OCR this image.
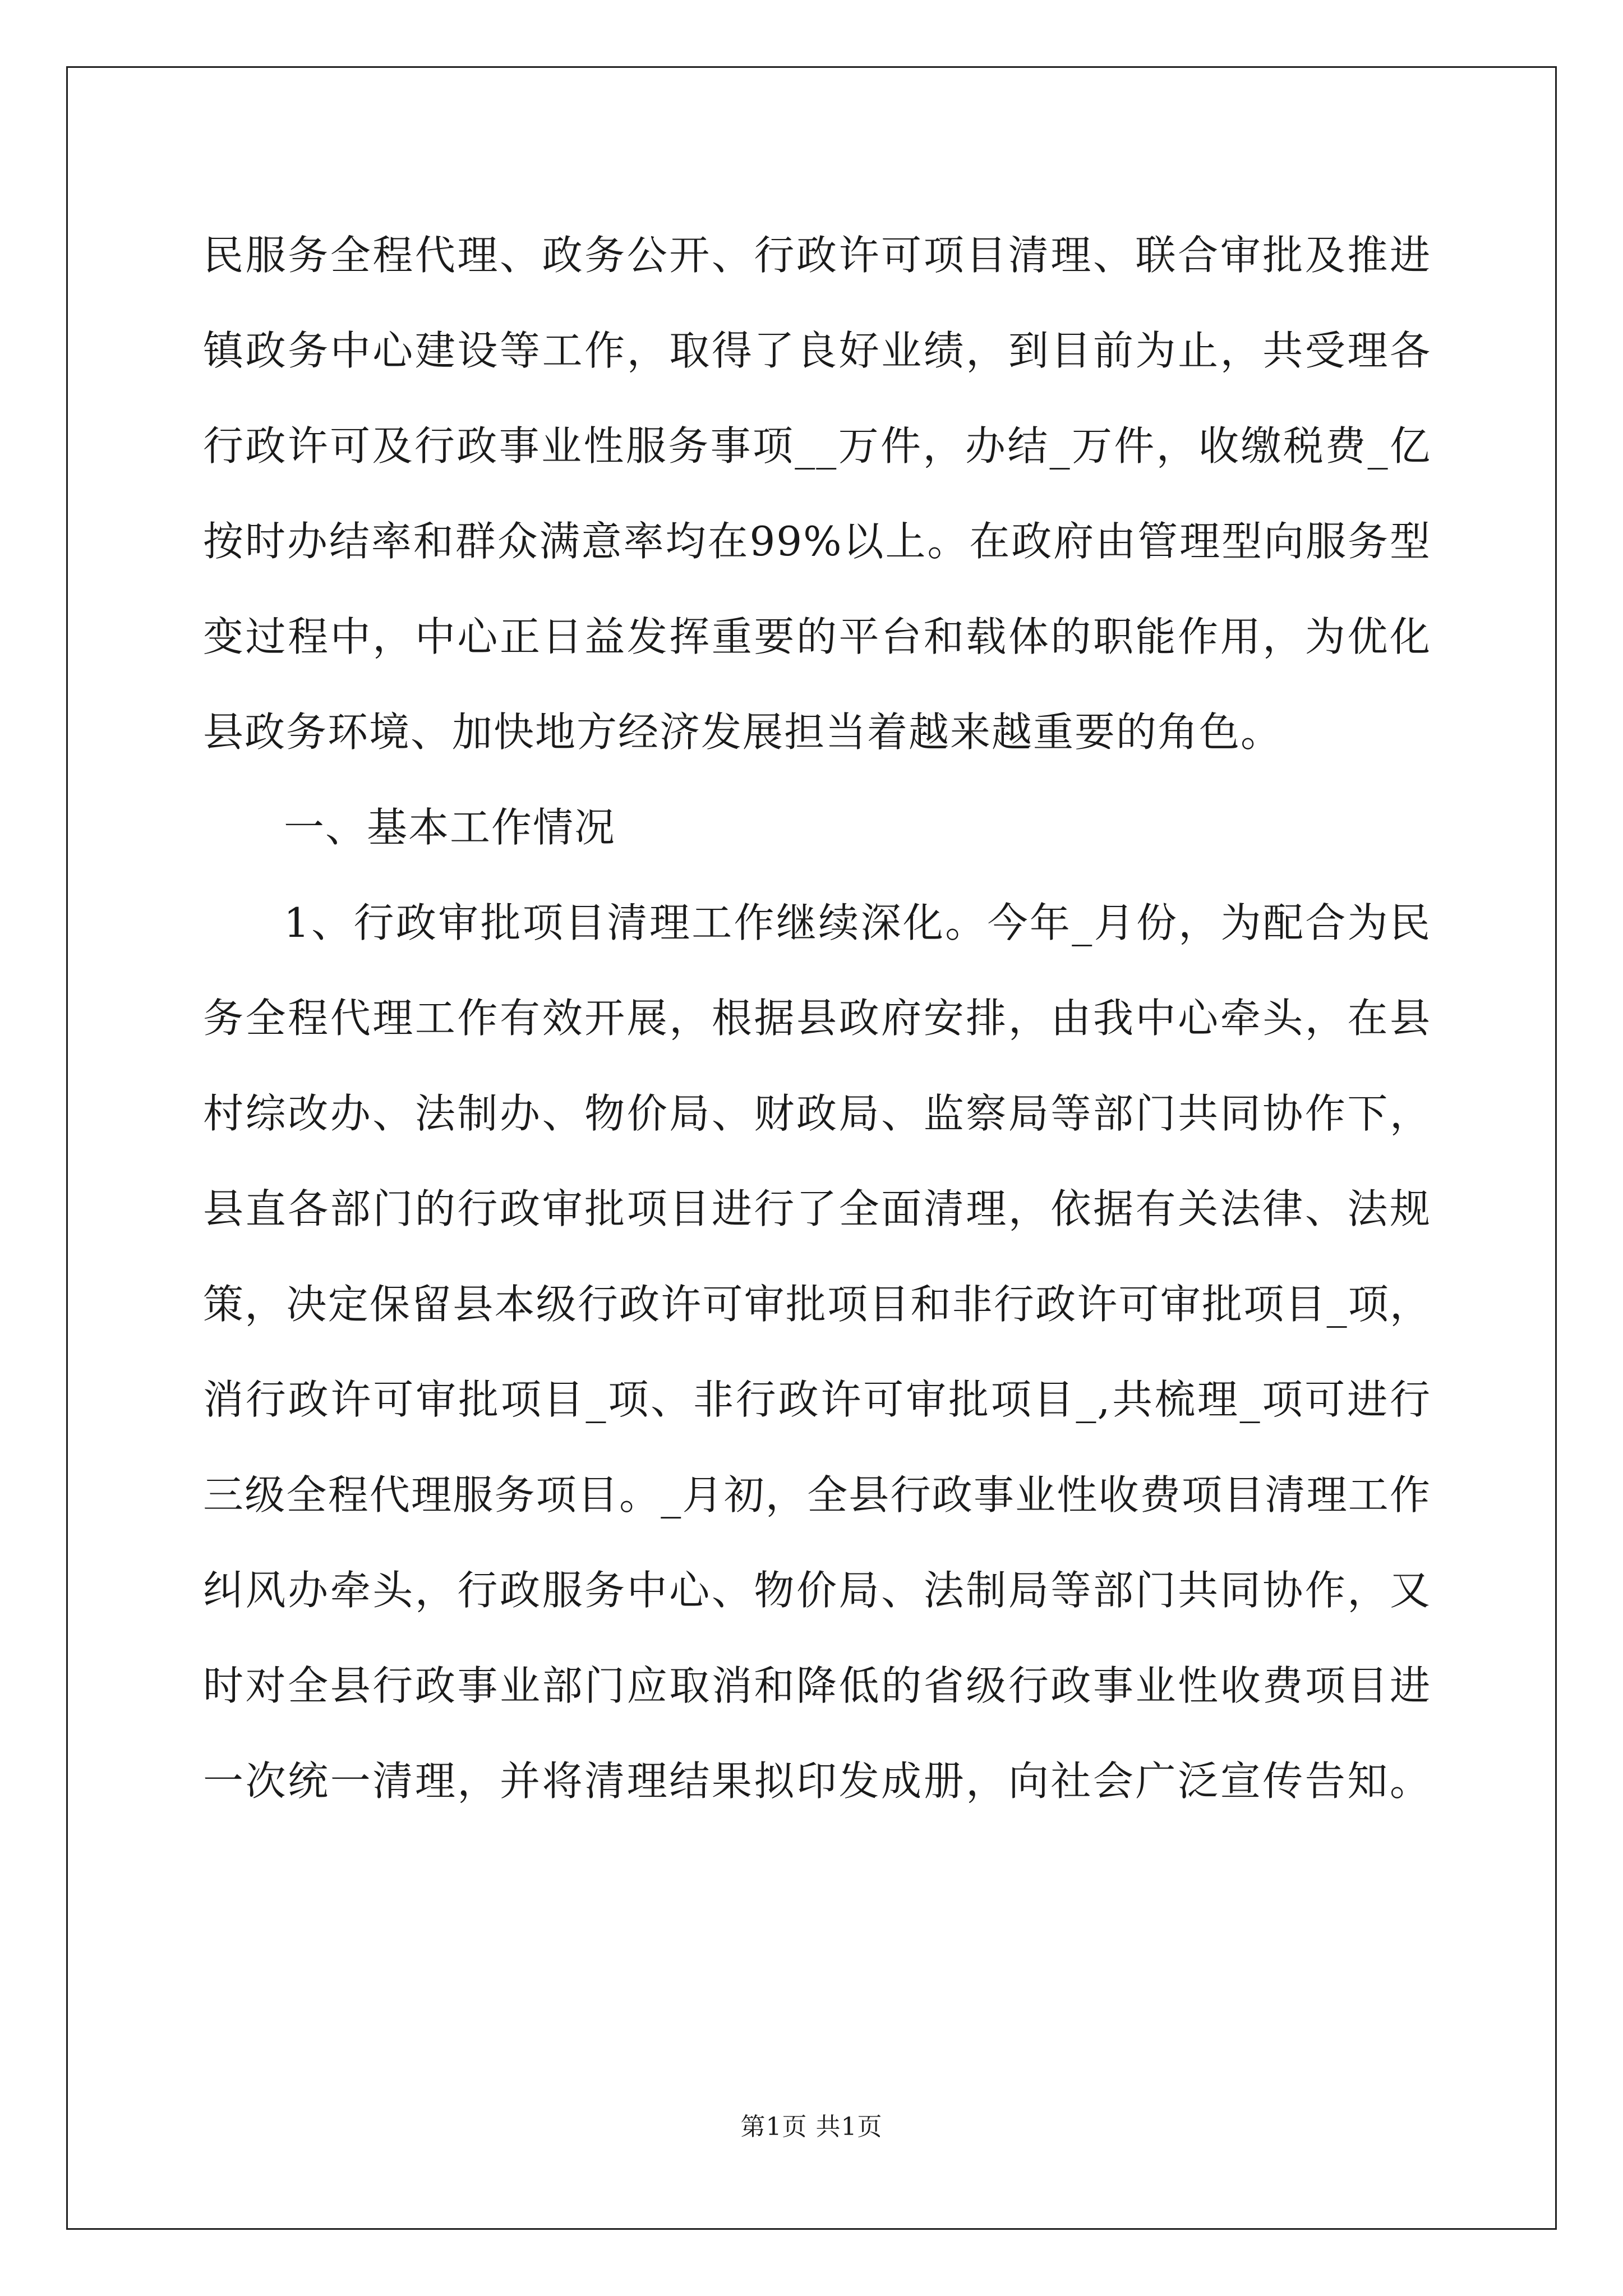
民服务全程代理、政务公开、行政许可项目清理、联合审批及推进
镇政务中心建设等工作，取得了良好业绩，到目前为止，共受理各
行政许可及行政事业性服务事项__万件，办结_万件，收缴税费_亿
按时办结率和群众满意率均在99%以上。在政府由管理型向服务型
变过程中，中心正日益发挥重要的平台和载体的职能作用，为优化
县政务环境、加快地方经济发展担当着越来越重要的角色。
一、基本工作情况
1、行政审批项目清理工作继续深化。今年_月份，为配合为民
务全程代理工作有效开展，根据县政府安排，由我中心牵头，在县
村综改办、法制办、物价局、财政局、监察局等部门共同协作下，
县直各部门的行政审批项目进行了全面清理，依据有关法律、法规
策，决定保留县本级行政许可审批项目和非行政许可审批项目_项，
消行政许可审批项目_项、非行政许可审批项目_,共梳理_项可进行
三级全程代理服务项目。_月初，全县行政事业性收费项目清理工作
纠风办牵头，行政服务中心、物价局、法制局等部门共同协作，又
时对全县行政事业部门应取消和降低的省级行政事业性收费项目进
一次统一清理，并将清理结果拟印发成册，向社会广泛宣传告知。
第1页 共1页
